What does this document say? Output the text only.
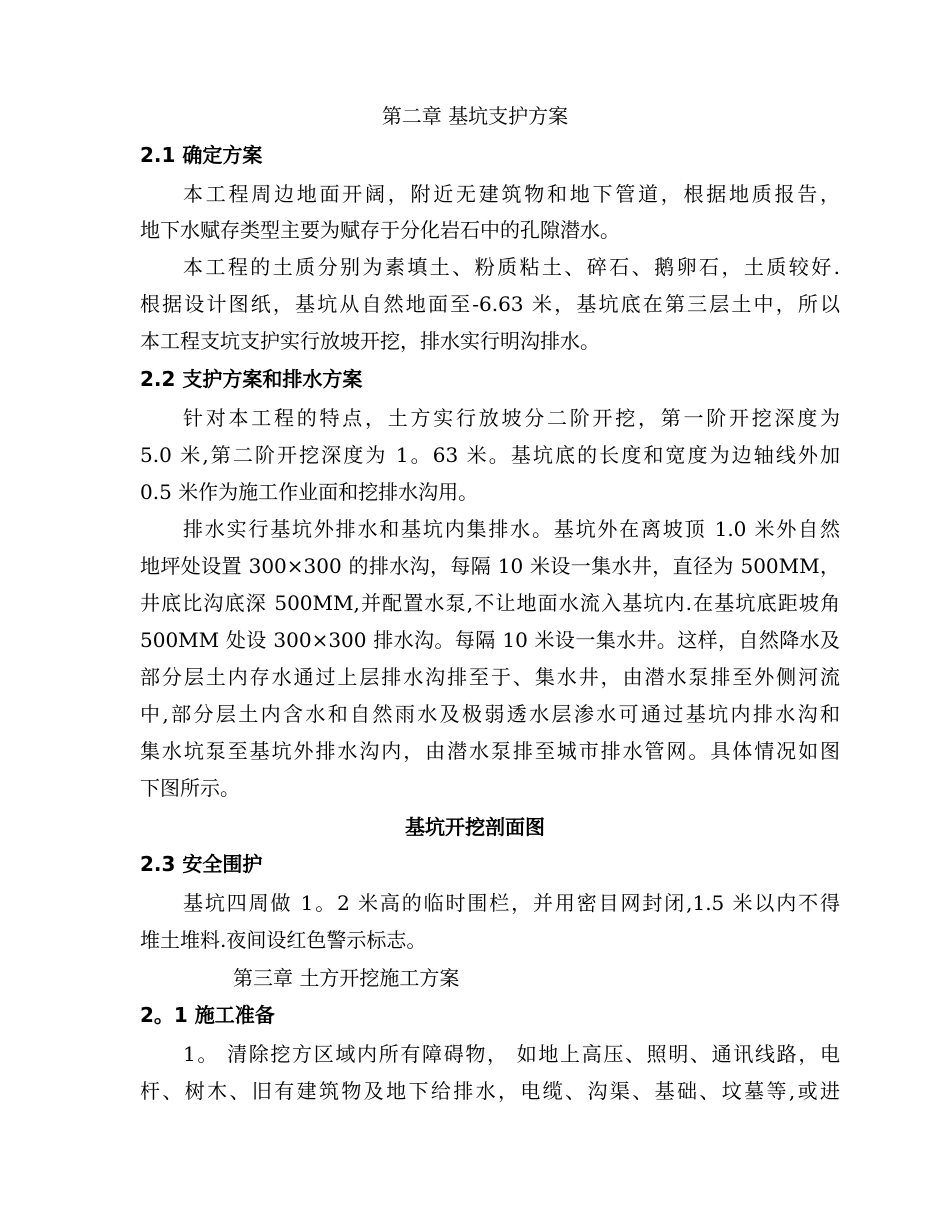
第二章 基坑支护方案
2.1 确定方案
本工程周边地面开阔，附近无建筑物和地下管道，根据地质报告，
地下水赋存类型主要为赋存于分化岩石中的孔隙潜水。
本工程的土质分别为素填土、粉质粘土、碎石、鹅卵石，土质较好.
根据设计图纸，基坑从自然地面至-6.63 米，基坑底在第三层土中，所以
本工程支坑支护实行放坡开挖，排水实行明沟排水。
2.2 支护方案和排水方案
针对本工程的特点，土方实行放坡分二阶开挖，第一阶开挖深度为
5.0 米,第二阶开挖深度为 1。63 米。基坑底的长度和宽度为边轴线外加
0.5 米作为施工作业面和挖排水沟用。
排水实行基坑外排水和基坑内集排水。基坑外在离坡顶 1.0 米外自然
地坪处设置 300×300 的排水沟，每隔 10 米设一集水井，直径为 500MM，
井底比沟底深 500MM,并配置水泵,不让地面水流入基坑内.在基坑底距坡角
500MM 处设 300×300 排水沟。每隔 10 米设一集水井。这样，自然降水及
部分层土内存水通过上层排水沟排至于、集水井，由潜水泵排至外侧河流
中,部分层土内含水和自然雨水及极弱透水层渗水可通过基坑内排水沟和
集水坑泵至基坑外排水沟内，由潜水泵排至城市排水管网。具体情况如图
下图所示。
基坑开挖剖面图
2.3 安全围护
基坑四周做 1。2 米高的临时围栏，并用密目网封闭,1.5 米以内不得
堆土堆料.夜间设红色警示标志。
第三章 土方开挖施工方案
2。1 施工准备
1。 清除挖方区域内所有障碍物， 如地上高压、照明、通讯线路，电
杆、树木、旧有建筑物及地下给排水，电缆、沟渠、基础、坟墓等,或进
